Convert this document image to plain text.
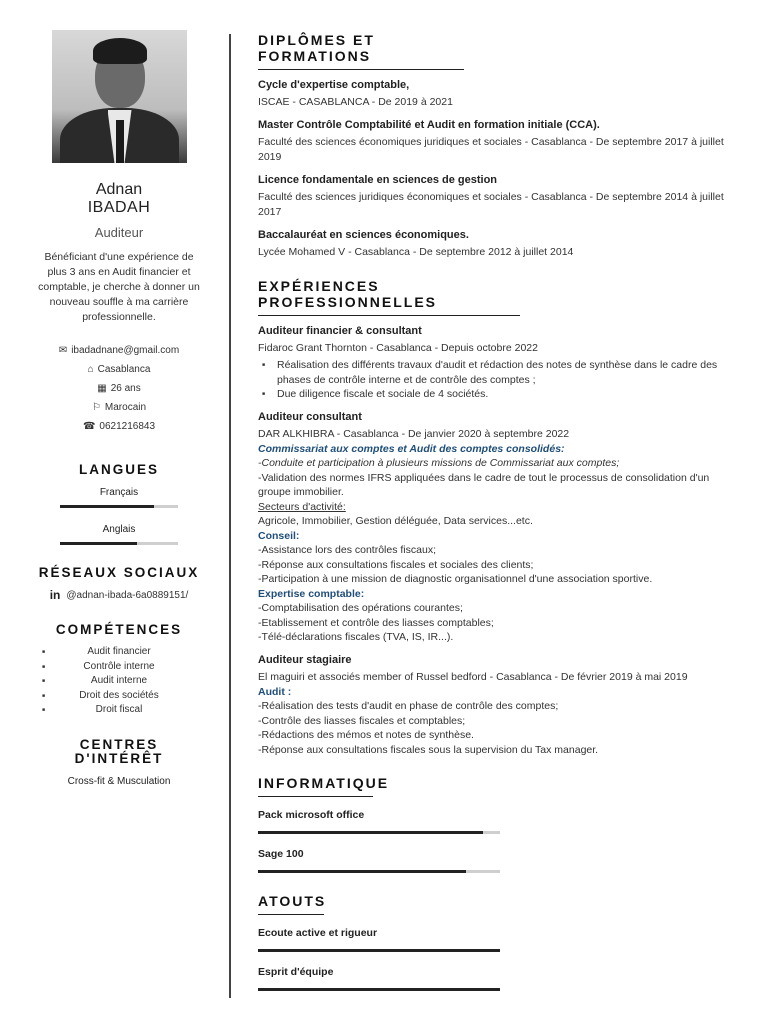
Adnan
IBADAH
Auditeur
Bénéficiant d'une expérience de plus 3 ans en Audit financier et comptable, je cherche à donner un nouveau souffle à ma carrière professionnelle.
✉ ibadadnane@gmail.com
⌂ Casablanca
▦ 26 ans
⚐ Marocain
☎ 0621216843
LANGUES
Français
Anglais
RÉSEAUX SOCIAUX
in @adnan-ibada-6a0889151/
COMPÉTENCES
■ Audit financier
■ Contrôle interne
■ Audit interne
■ Droit des sociétés
■ Droit fiscal
CENTRES
D'INTÉRÊT
Cross-fit & Musculation
DIPLÔMES ET FORMATIONS
Cycle d'expertise comptable,
ISCAE - CASABLANCA - De 2019 à 2021
Master Contrôle Comptabilité et Audit en formation initiale (CCA).
Faculté des sciences économiques juridiques et sociales - Casablanca - De septembre 2017 à juillet 2019
Licence fondamentale en sciences de gestion
Faculté des sciences juridiques économiques et sociales - Casablanca - De septembre 2014 à juillet 2017
Baccalauréat en sciences économiques.
Lycée Mohamed V - Casablanca - De septembre 2012 à juillet 2014
EXPÉRIENCES PROFESSIONNELLES
Auditeur financier & consultant
Fidaroc Grant Thornton - Casablanca - Depuis octobre 2022
■ Réalisation des différents travaux d'audit et rédaction des notes de synthèse dans le cadre des phases de contrôle interne et de contrôle des comptes ;
■ Due diligence fiscale et sociale de 4 sociétés.
Auditeur consultant
DAR ALKHIBRA - Casablanca - De janvier 2020 à septembre 2022
Commissariat aux comptes et Audit des comptes consolidés:
-Conduite et participation à plusieurs missions de Commissariat aux comptes;
-Validation des normes IFRS appliquées dans le cadre de tout le processus de consolidation d'un groupe immobilier.
Secteurs d'activité:
Agricole, Immobilier, Gestion déléguée, Data services...etc.
Conseil:
-Assistance lors des contrôles fiscaux;
-Réponse aux consultations fiscales et sociales des clients;
-Participation à une mission de diagnostic organisationnel d'une association sportive.
Expertise comptable:
-Comptabilisation des opérations courantes;
-Etablissement et contrôle des liasses comptables;
-Télé-déclarations fiscales (TVA, IS, IR...).
Auditeur stagiaire
El maguiri et associés member of Russel bedford - Casablanca - De février 2019 à mai 2019
Audit :
-Réalisation des tests d'audit en phase de contrôle des comptes;
-Contrôle des liasses fiscales et comptables;
-Rédactions des mémos et notes de synthèse.
-Réponse aux consultations fiscales sous la supervision du Tax manager.
INFORMATIQUE
Pack microsoft office
Sage 100
ATOUTS
Ecoute active et rigueur
Esprit d'équipe
